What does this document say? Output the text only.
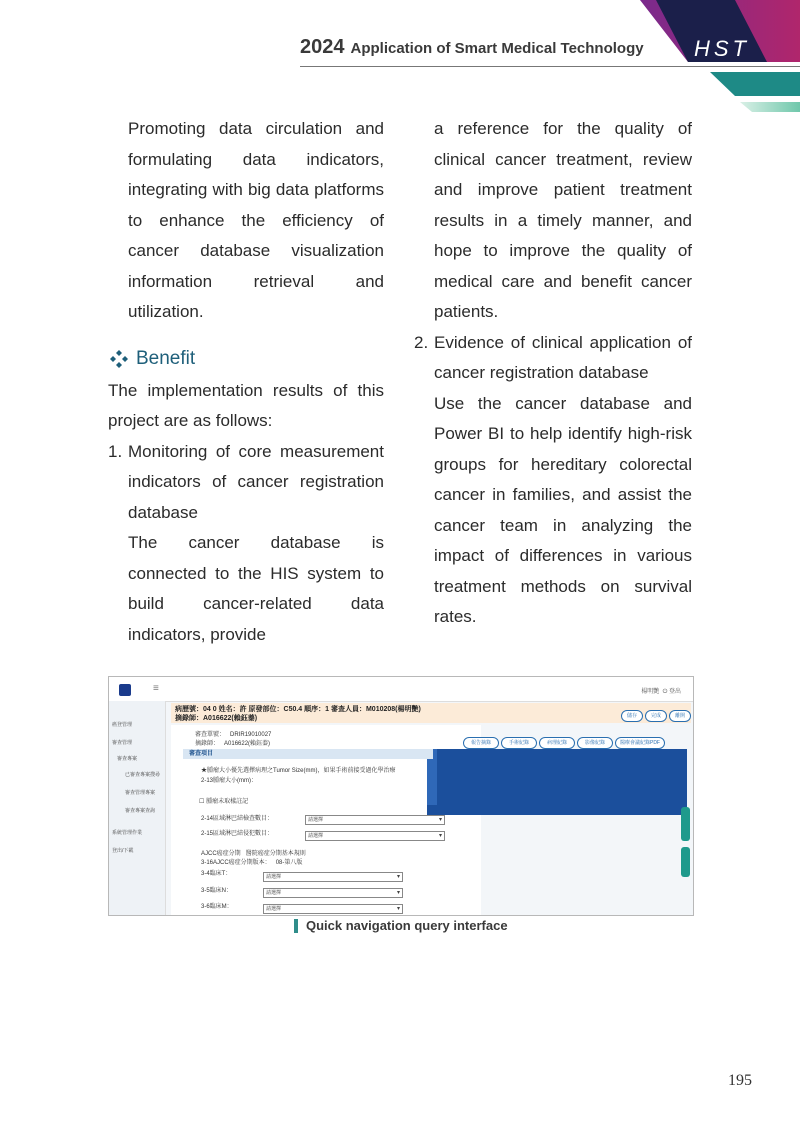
HST
2024 Application of Smart Medical Technology

Promoting data circulation and formulating data indicators, integrating with big data platforms to enhance the efficiency of cancer database visualization information retrieval and utilization.

Benefit

The implementation results of this project are as follows:

1. Monitoring of core measurement indicators of cancer registration database

The cancer database is connected to the HIS system to build cancer-related data indicators, provide

a reference for the quality of clinical cancer treatment, review and improve patient treatment results in a timely manner, and hope to improve the quality of medical care and benefit cancer patients.

2. Evidence of clinical application of cancer registration database

Use the cancer database and Power BI to help identify high-risk groups for hereditary colorectal cancer in families, and assist the cancer team in analyzing the impact of differences in various treatment methods on survival rates.

≡	楊明艷 ⏻ 登出
癌登管理
審查管理
審查專案
已審查專案搜尋
審查管理專案
審查專案查詢
系統管理作業
登出/下載
病歷號：04 0 姓名：許 原發部位：C50.4 順序：1 審查人員：M010208(楊明艷)
摘錄師：A016622(賴鈺蓁)	儲存	完成	離開
審查單號： DRIR19010027
摘錄師： A016622(賴鈺蓁)	報告摘錄	手術紀錄	病理紀錄	影像紀錄	醫療會議紀錄PDF
審查項目
★腫瘤大小優先選擇病理之Tumor Size(mm)，如果手術前接受過化學治療
2-13腫瘤大小(mm)：
☐ 腫瘤未取樣註記
2-14區域淋巴結檢查數目：	請選擇 ▾
2-15區域淋巴結侵犯數目：	請選擇 ▾
AJCC癌症分期 醫院癌症分期基本規則
3-16AJCC癌症分期版本： 08-第八版
3-4臨床T：	請選擇 ▾
3-5臨床N：	請選擇 ▾
3-6臨床M：	請選擇 ▾
Quick navigation query interface
195
